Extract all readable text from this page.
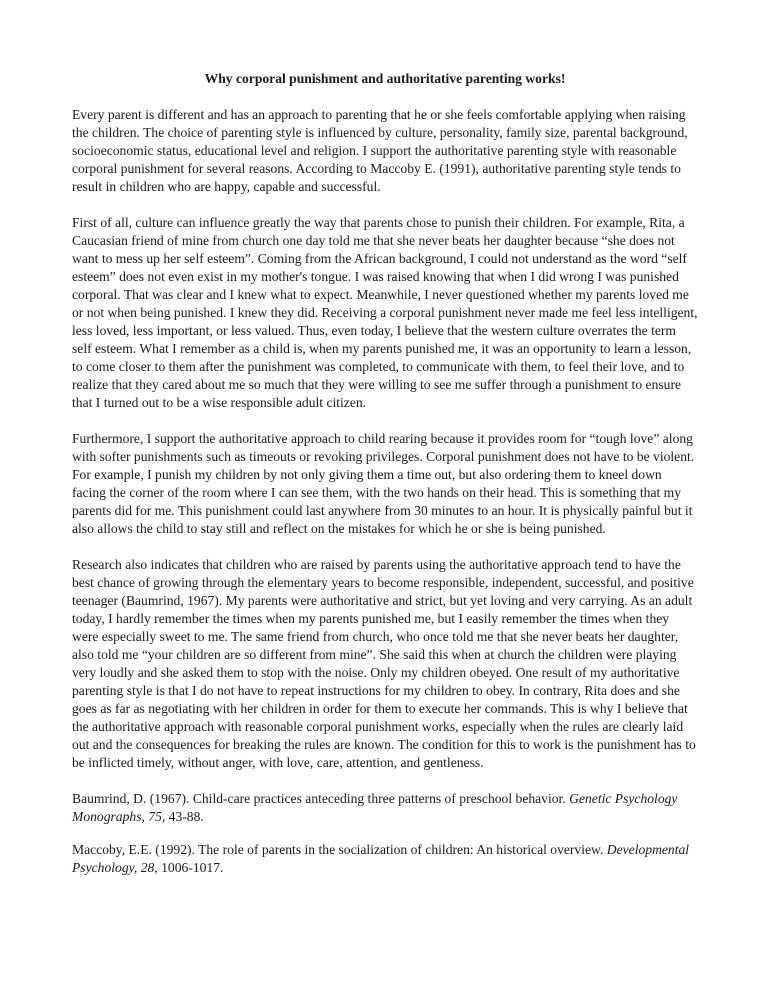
Why corporal punishment and authoritative parenting works!

Every parent is different and has an approach to parenting that he or she feels comfortable applying when raising the children. The choice of parenting style is influenced by culture, personality, family size, parental background, socioeconomic status, educational level and religion. I support the authoritative parenting style with reasonable corporal punishment for several reasons. According to Maccoby E. (1991), authoritative parenting style tends to result in children who are happy, capable and successful.

First of all, culture can influence greatly the way that parents chose to punish their children. For example, Rita, a Caucasian friend of mine from church one day told me that she never beats her daughter because “she does not want to mess up her self esteem”. Coming from the African background, I could not understand as the word “self esteem” does not even exist in my mother's tongue. I was raised knowing that when I did wrong I was punished corporal. That was clear and I knew what to expect. Meanwhile, I never questioned whether my parents loved me or not when being punished. I knew they did. Receiving a corporal punishment never made me feel less intelligent, less loved, less important, or less valued. Thus, even today, I believe that the western culture overrates the term self esteem. What I remember as a child is, when my parents punished me, it was an opportunity to learn a lesson, to come closer to them after the punishment was completed, to communicate with them, to feel their love, and to realize that they cared about me so much that they were willing to see me suffer through a punishment to ensure that I turned out to be a wise responsible adult citizen.

Furthermore, I support the authoritative approach to child rearing because it provides room for “tough love” along with softer punishments such as timeouts or revoking privileges. Corporal punishment does not have to be violent. For example, I punish my children by not only giving them a time out, but also ordering them to kneel down facing the corner of the room where I can see them, with the two hands on their head. This is something that my parents did for me. This punishment could last anywhere from 30 minutes to an hour. It is physically painful but it also allows the child to stay still and reflect on the mistakes for which he or she is being punished.

Research also indicates that children who are raised by parents using the authoritative approach tend to have the best chance of growing through the elementary years to become responsible, independent, successful, and positive teenager (Baumrind, 1967). My parents were authoritative and strict, but yet loving and very carrying. As an adult today, I hardly remember the times when my parents punished me, but I easily remember the times when they were especially sweet to me. The same friend from church, who once told me that she never beats her daughter, also told me “your children are so different from mine”. She said this when at church the children were playing very loudly and she asked them to stop with the noise. Only my children obeyed. One result of my authoritative parenting style is that I do not have to repeat instructions for my children to obey. In contrary, Rita does and she goes as far as negotiating with her children in order for them to execute her commands. This is why I believe that the authoritative approach with reasonable corporal punishment works, especially when the rules are clearly laid out and the consequences for breaking the rules are known. The condition for this to work is the punishment has to be inflicted timely, without anger, with love, care, attention, and gentleness.

Baumrind, D. (1967). Child-care practices anteceding three patterns of preschool behavior. Genetic Psychology Monographs, 75, 43-88.

Maccoby, E.E. (1992). The role of parents in the socialization of children: An historical overview. Developmental Psychology, 28, 1006-1017.
